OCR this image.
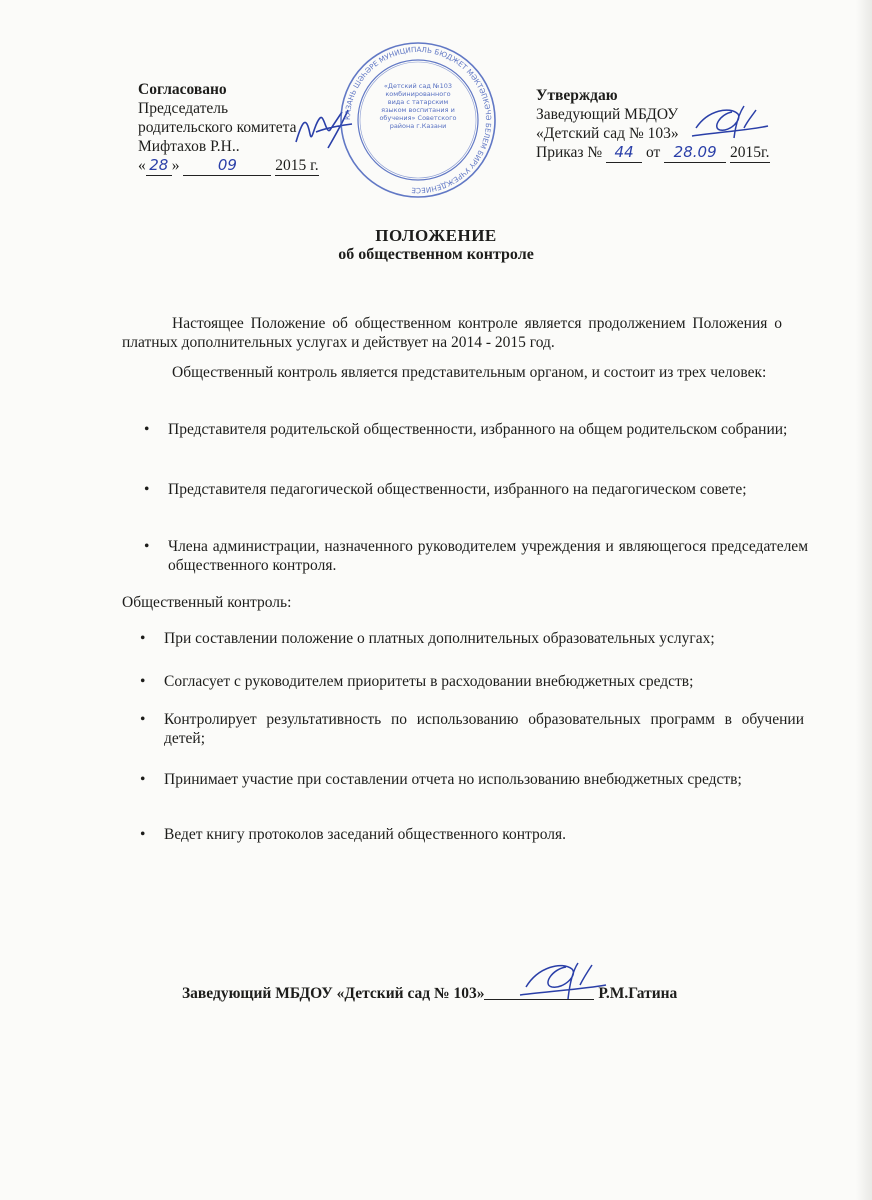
Согласовано
Председатель
родительского комитета
Мифтахов Р.Н..
« 28 »	09 2015 г.
КАЗАНЬ ШӘҺӘРЕ МУНИЦИПАЛЬ БЮДЖЕТ МӘКТӘПКӘЧӘ БЕЛЕМ БИРҮ УЧРЕЖДЕНИЕСЕ
«Детский сад №103 комбинированного вида с татарским языком воспитания и обучения» Советского района г.Казани
Утверждаю
Заведующий МБДОУ
«Детский сад № 103»
Приказ № 44 от 28.09 2015г.
ПОЛОЖЕНИЕ
об общественном контроле
Настоящее Положение об общественном контроле является продолжением Положения о платных дополнительных услугах и действует на 2014 - 2015 год.
Общественный контроль является представительным органом, и состоит из трех человек:
• Представителя родительской общественности, избранного на общем родительском собрании;
• Представителя педагогической общественности, избранного на педагогическом совете;
• Члена администрации, назначенного руководителем учреждения и являющегося председателем общественного контроля.
Общественный контроль:
• При составлении положение о платных дополнительных образовательных услугах;
• Согласует с руководителем приоритеты в расходовании внебюджетных средств;
• Контролирует результативность по использованию образовательных программ в обучении детей;
• Принимает участие при составлении отчета но использованию внебюджетных средств;
• Ведет книгу протоколов заседаний общественного контроля.
Заведующий МБДОУ «Детский сад № 103»	Р.М.Гатина
